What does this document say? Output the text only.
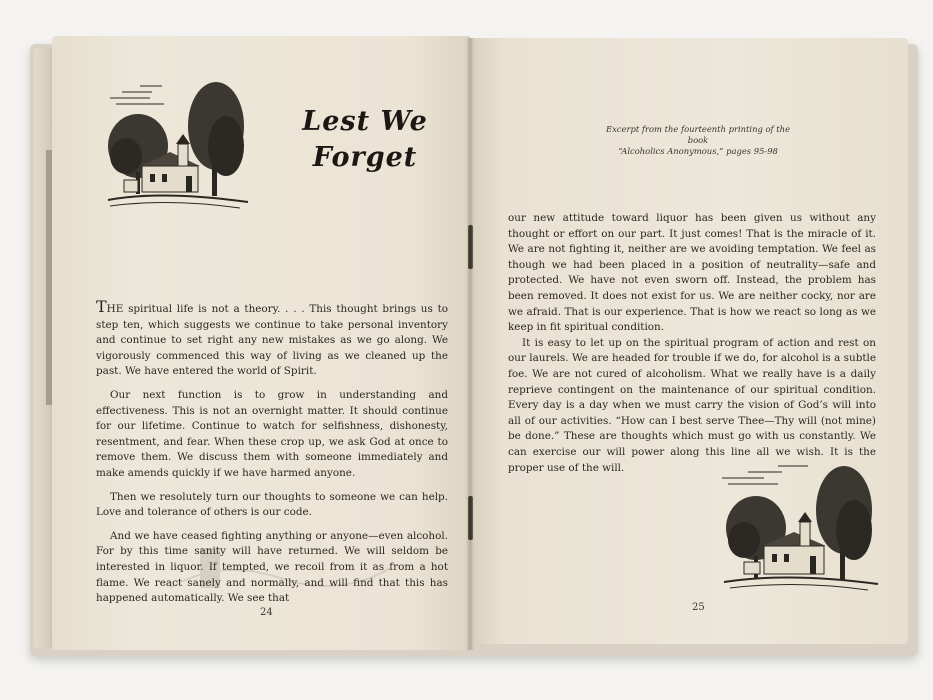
Lest We
Forget

THE spiritual life is not a theory. . . . This thought brings us to step ten, which suggests we continue to take personal inventory and continue to set right any new mistakes as we go along. We vigorously commenced this way of living as we cleaned up the past. We have entered the world of Spirit.

Our next function is to grow in understanding and effectiveness. This is not an overnight matter. It should continue for our lifetime. Continue to watch for selfishness, dishonesty, resentment, and fear. When these crop up, we ask God at once to remove them. We discuss them with someone immediately and make amends quickly if we have harmed anyone.

Then we resolutely turn our thoughts to someone we can help. Love and tolerance of others is our code.

And we have ceased fighting anything or anyone—even alcohol. For by this time sanity will have returned. We will seldom be interested in liquor. If tempted, we recoil from it as from a hot flame. We react sanely and normally, and will find that this has happened automatically. We see that

24
Excerpt from the fourteenth printing of the book
“Alcoholics Anonymous,” pages 95-98

our new attitude toward liquor has been given us without any thought or effort on our part. It just comes! That is the miracle of it. We are not fighting it, neither are we avoiding temptation. We feel as though we had been placed in a position of neutrality—safe and protected. We have not even sworn off. Instead, the problem has been removed. It does not exist for us. We are neither cocky, nor are we afraid. That is our experience. That is how we react so long as we keep in fit spiritual condition.

It is easy to let up on the spiritual program of action and rest on our laurels. We are headed for trouble if we do, for alcohol is a subtle foe. We are not cured of alcoholism. What we really have is a daily reprieve contingent on the maintenance of our spiritual condition. Every day is a day when we must carry the vision of God’s will into all of our activities. “How can I best serve Thee—Thy will (not mine) be done.” These are thoughts which must go with us constantly. We can exercise our will power along this line all we wish. It is the proper use of the will.

25
